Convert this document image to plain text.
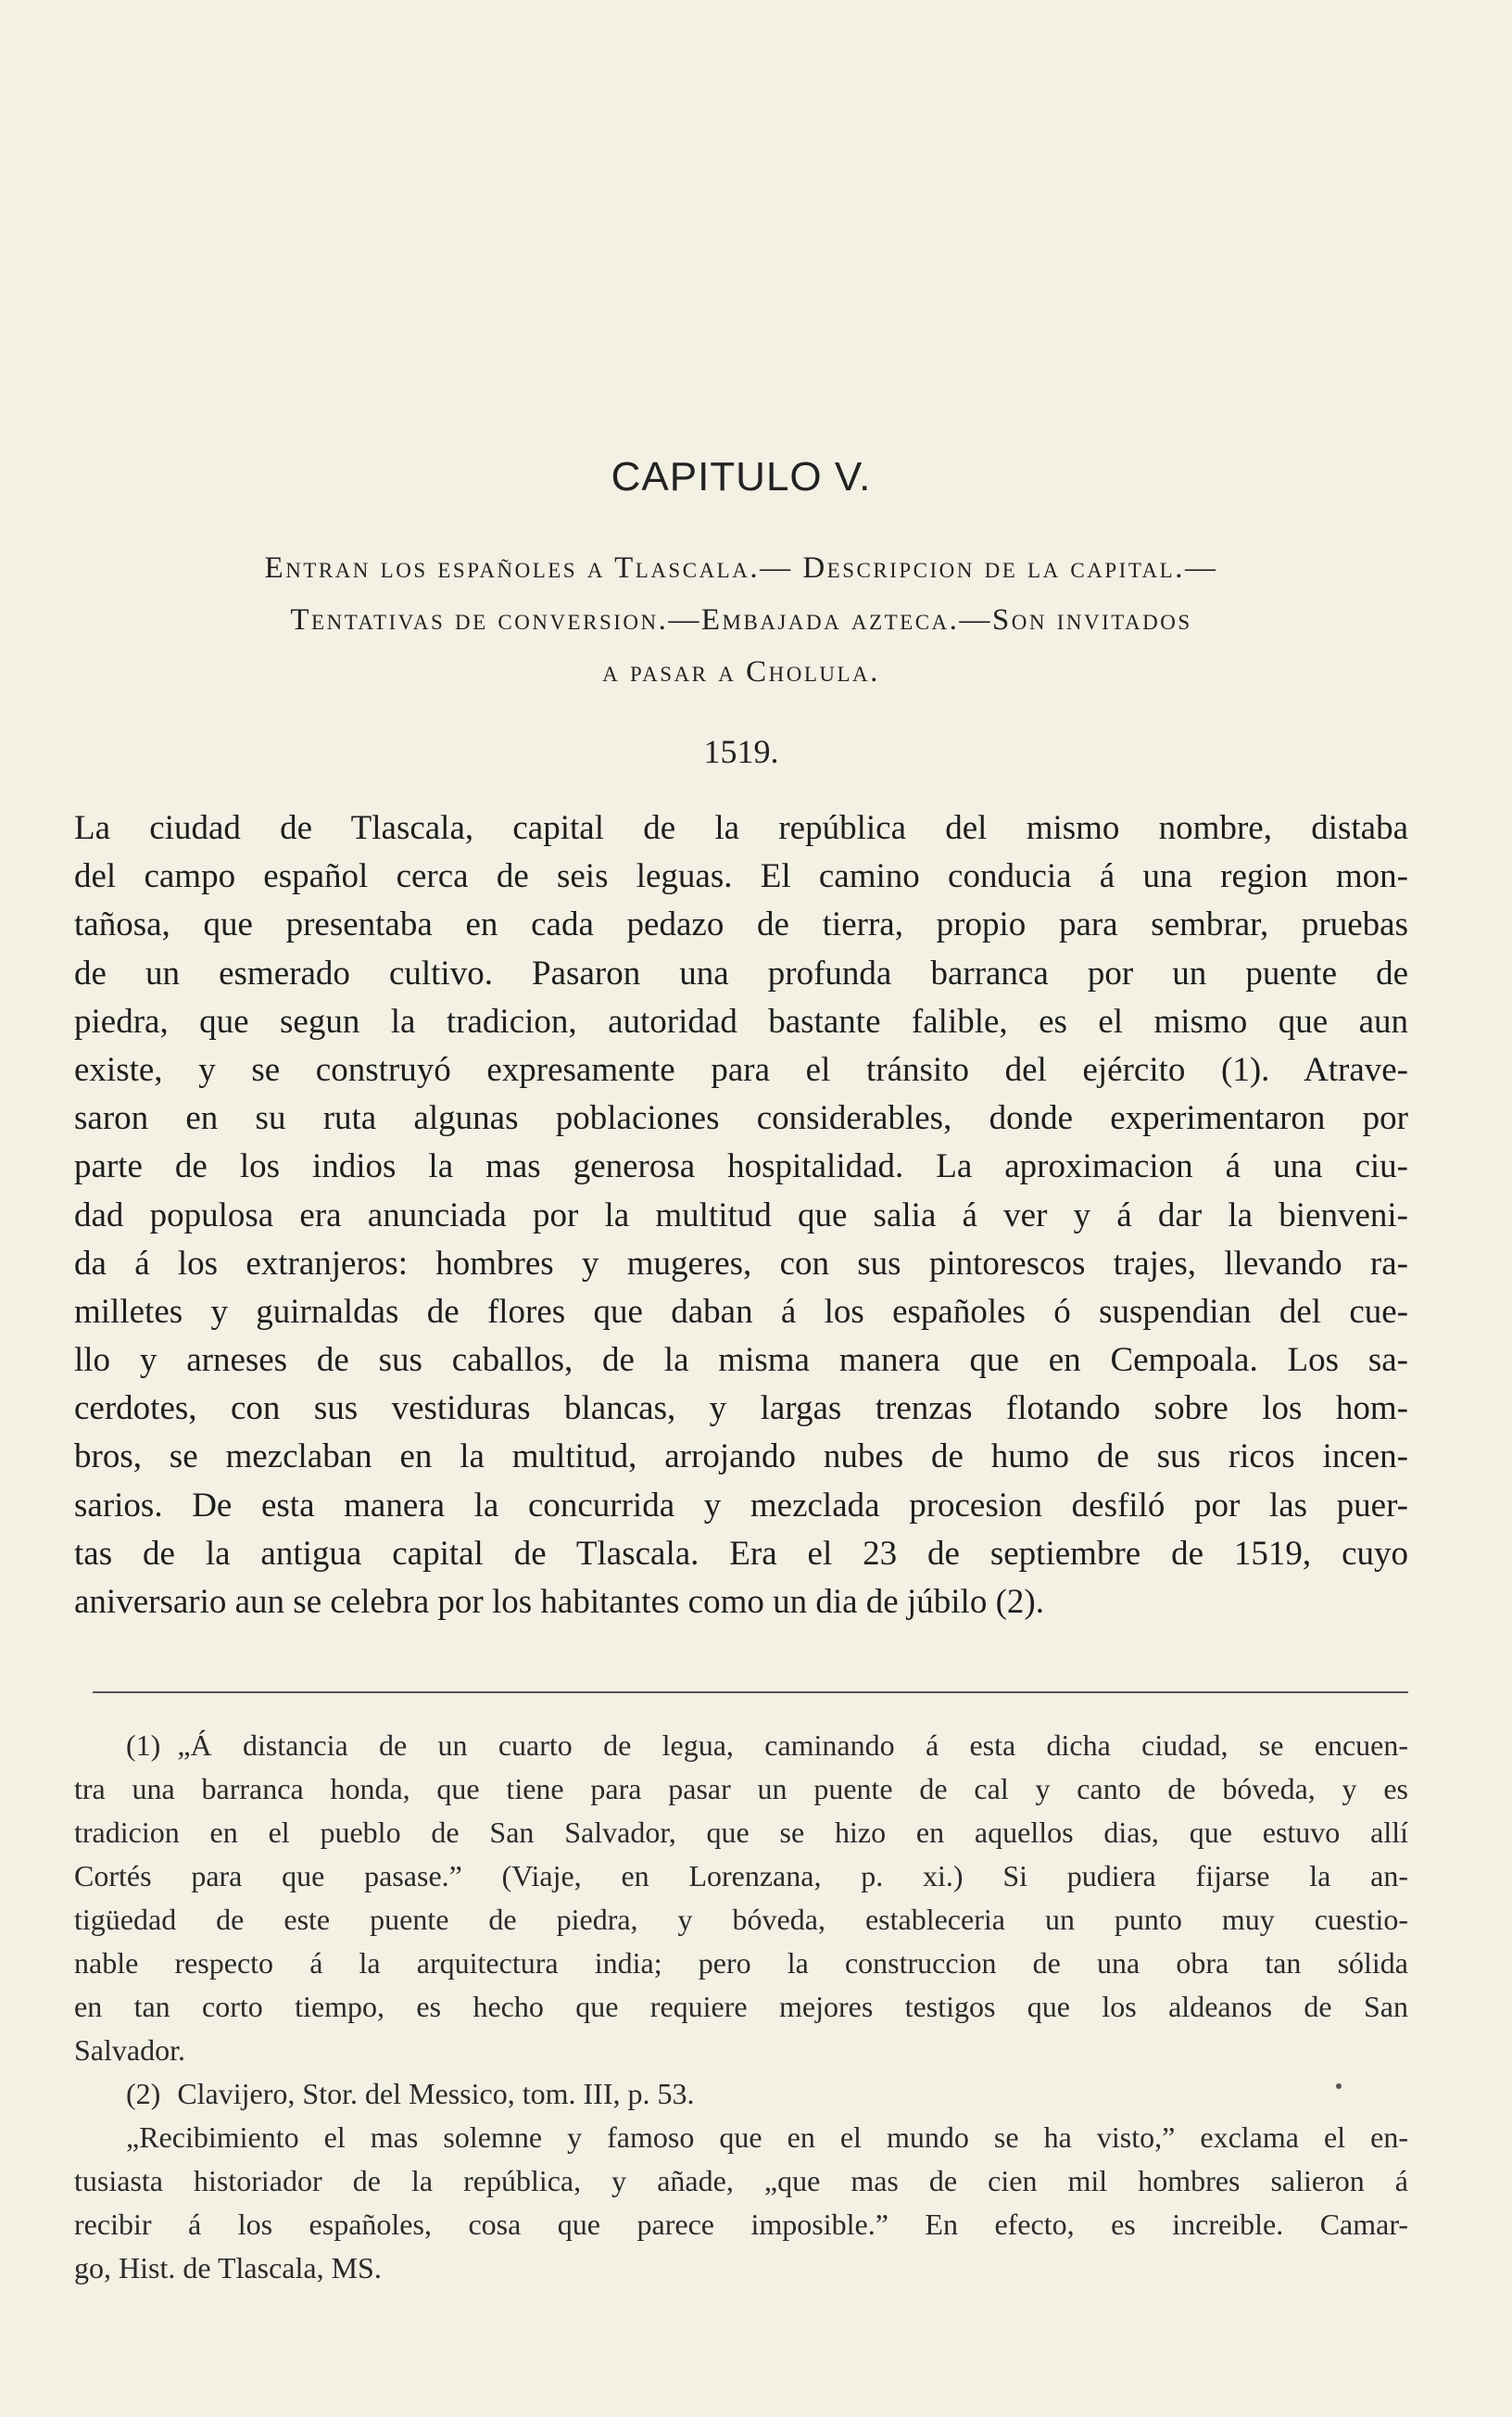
CAPITULO V.
Entran los españoles a Tlascala.— Descripcion de la capital.—
Tentativas de conversion.—Embajada azteca.—Son invitados
a pasar a Cholula.
1519.
La ciudad de Tlascala, capital de la república del mismo nombre, distaba
del campo español cerca de seis leguas. El camino conducia á una region mon-
tañosa, que presentaba en cada pedazo de tierra, propio para sembrar, pruebas
de un esmerado cultivo. Pasaron una profunda barranca por un puente de
piedra, que segun la tradicion, autoridad bastante falible, es el mismo que aun
existe, y se construyó expresamente para el tránsito del ejército (1). Atrave-
saron en su ruta algunas poblaciones considerables, donde experimentaron por
parte de los indios la mas generosa hospitalidad. La aproximacion á una ciu-
dad populosa era anunciada por la multitud que salia á ver y á dar la bienveni-
da á los extranjeros: hombres y mugeres, con sus pintorescos trajes, llevando ra-
milletes y guirnaldas de flores que daban á los españoles ó suspendian del cue-
llo y arneses de sus caballos, de la misma manera que en Cempoala. Los sa-
cerdotes, con sus vestiduras blancas, y largas trenzas flotando sobre los hom-
bros, se mezclaban en la multitud, arrojando nubes de humo de sus ricos incen-
sarios. De esta manera la concurrida y mezclada procesion desfiló por las puer-
tas de la antigua capital de Tlascala. Era el 23 de septiembre de 1519, cuyo
aniversario aun se celebra por los habitantes como un dia de júbilo (2).
(1) „Á distancia de un cuarto de legua, caminando á esta dicha ciudad, se encuen-
tra una barranca honda, que tiene para pasar un puente de cal y canto de bóveda, y es
tradicion en el pueblo de San Salvador, que se hizo en aquellos dias, que estuvo allí
Cortés para que pasase.” (Viaje, en Lorenzana, p. xi.) Si pudiera fijarse la an-
tigüedad de este puente de piedra, y bóveda, estableceria un punto muy cuestio-
nable respecto á la arquitectura india; pero la construccion de una obra tan sólida
en tan corto tiempo, es hecho que requiere mejores testigos que los aldeanos de San
Salvador.
(2) Clavijero, Stor. del Messico, tom. III, p. 53.
„Recibimiento el mas solemne y famoso que en el mundo se ha visto,” exclama el en-
tusiasta historiador de la república, y añade, „que mas de cien mil hombres salieron á
recibir á los españoles, cosa que parece imposible.” En efecto, es increible. Camar-
go, Hist. de Tlascala, MS.
